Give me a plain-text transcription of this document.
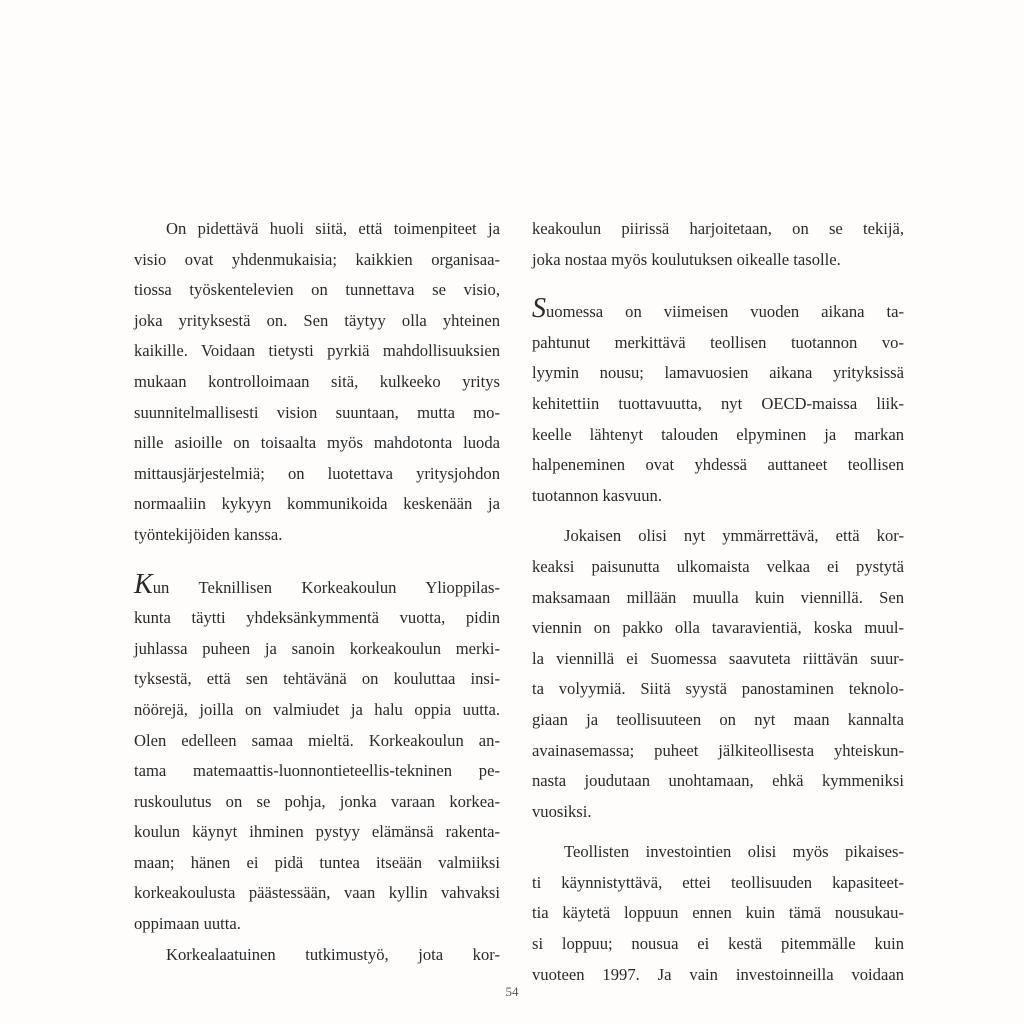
On pidettävä huoli siitä, että toimenpiteet ja
visio ovat yhdenmukaisia; kaikkien organisaa-
tiossa työskentelevien on tunnettava se visio,
joka yrityksestä on. Sen täytyy olla yhteinen
kaikille. Voidaan tietysti pyrkiä mahdollisuuksien
mukaan kontrolloimaan sitä, kulkeeko yritys
suunnitelmallisesti vision suuntaan, mutta mo-
nille asioille on toisaalta myös mahdotonta luoda
mittausjärjestelmiä; on luotettava yritysjohdon
normaaliin kykyyn kommunikoida keskenään ja
työntekijöiden kanssa.
Kun Teknillisen Korkeakoulun Ylioppilas-
kunta täytti yhdeksänkymmentä vuotta, pidin
juhlassa puheen ja sanoin korkeakoulun merki-
tyksestä, että sen tehtävänä on kouluttaa insi-
nöörejä, joilla on valmiudet ja halu oppia uutta.
Olen edelleen samaa mieltä. Korkeakoulun an-
tama matemaattis-luonnontieteellis-tekninen pe-
ruskoulutus on se pohja, jonka varaan korkea-
koulun käynyt ihminen pystyy elämänsä rakenta-
maan; hänen ei pidä tuntea itseään valmiiksi
korkeakoulusta päästessään, vaan kyllin vahvaksi
oppimaan uutta.
Korkealaatuinen tutkimustyö, jota kor-
keakoulun piirissä harjoitetaan, on se tekijä,
joka nostaa myös koulutuksen oikealle tasolle.
Suomessa on viimeisen vuoden aikana ta-
pahtunut merkittävä teollisen tuotannon vo-
lyymin nousu; lamavuosien aikana yrityksissä
kehitettiin tuottavuutta, nyt OECD-maissa liik-
keelle lähtenyt talouden elpyminen ja markan
halpeneminen ovat yhdessä auttaneet teollisen
tuotannon kasvuun.
Jokaisen olisi nyt ymmärrettävä, että kor-
keaksi paisunutta ulkomaista velkaa ei pystytä
maksamaan millään muulla kuin viennillä. Sen
viennin on pakko olla tavaravientiä, koska muul-
la viennillä ei Suomessa saavuteta riittävän suur-
ta volyymiä. Siitä syystä panostaminen teknolo-
giaan ja teollisuuteen on nyt maan kannalta
avainasemassa; puheet jälkiteollisesta yhteiskun-
nasta joudutaan unohtamaan, ehkä kymmeniksi
vuosiksi.
Teollisten investointien olisi myös pikaises-
ti käynnistyttävä, ettei teollisuuden kapasiteet-
tia käytetä loppuun ennen kuin tämä nousukau-
si loppuu; nousua ei kestä pitemmälle kuin
vuoteen 1997. Ja vain investoinneilla voidaan
54
